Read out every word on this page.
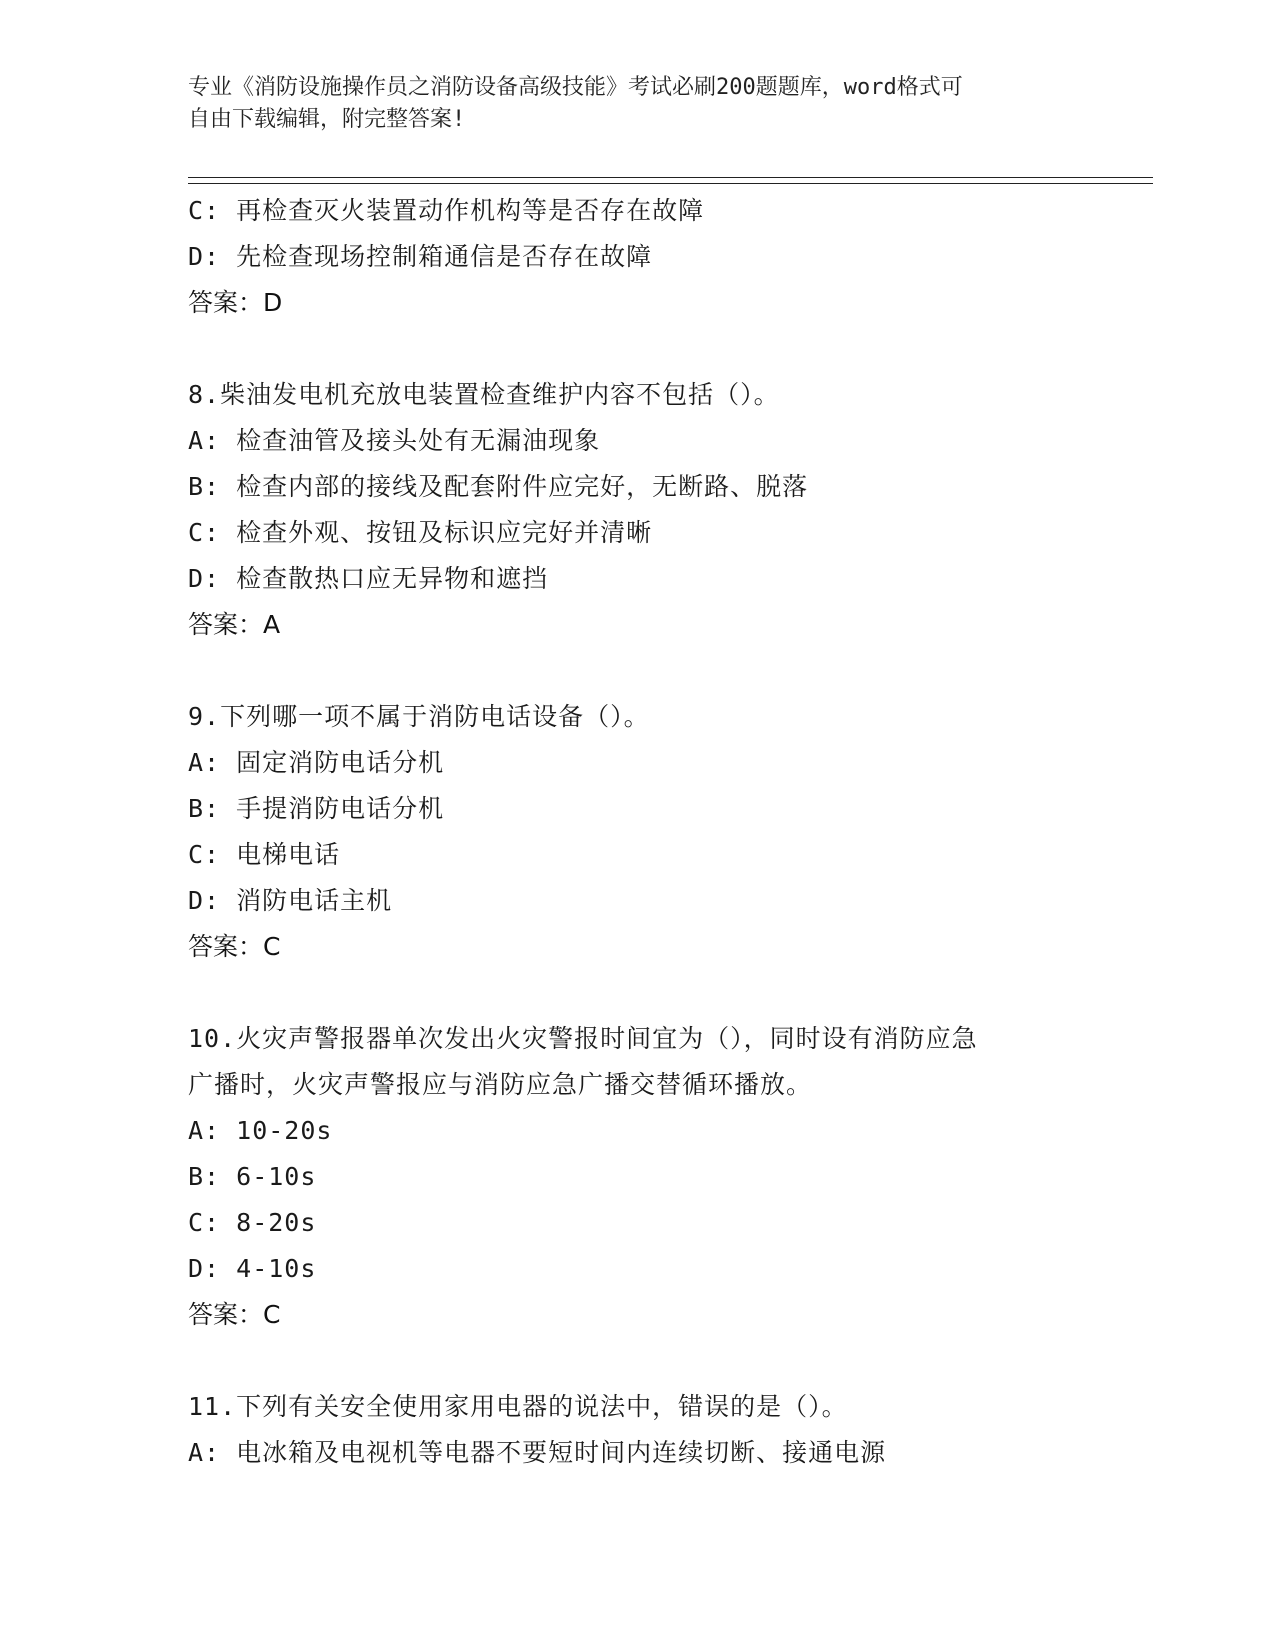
专业《消防设施操作员之消防设备高级技能》考试必刷200题题库，word格式可
自由下载编辑，附完整答案!
C: 再检查灭火装置动作机构等是否存在故障
D: 先检查现场控制箱通信是否存在故障
答案：D
8.柴油发电机充放电装置检查维护内容不包括（）。
A: 检查油管及接头处有无漏油现象
B: 检查内部的接线及配套附件应完好，无断路、脱落
C: 检查外观、按钮及标识应完好并清晰
D: 检查散热口应无异物和遮挡
答案：A
9.下列哪一项不属于消防电话设备（）。
A: 固定消防电话分机
B: 手提消防电话分机
C: 电梯电话
D: 消防电话主机
答案：C
10.火灾声警报器单次发出火灾警报时间宜为（），同时设有消防应急
广播时，火灾声警报应与消防应急广播交替循环播放。
A: 10-20s
B: 6-10s
C: 8-20s
D: 4-10s
答案：C
11.下列有关安全使用家用电器的说法中，错误的是（）。
A: 电冰箱及电视机等电器不要短时间内连续切断、接通电源
